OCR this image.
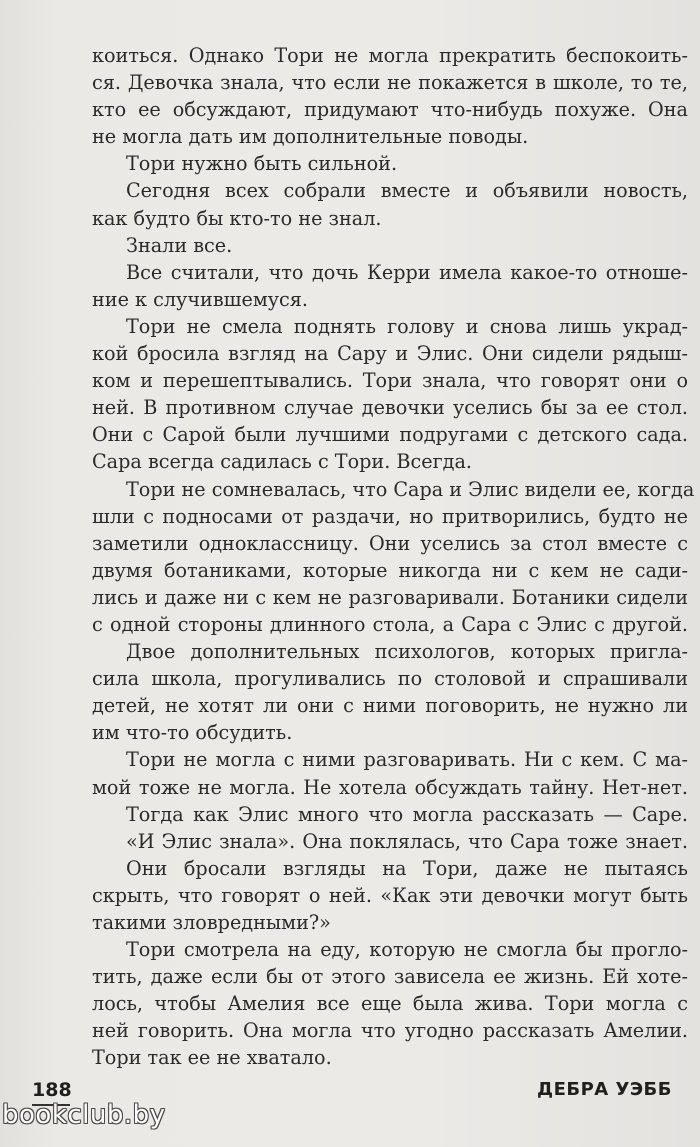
коиться. Однако Тори не могла прекратить беспокоить-
ся. Девочка знала, что если не покажется в школе, то те,
кто ее обсуждают, придумают что-нибудь похуже. Она
не могла дать им дополнительные поводы.
Тори нужно быть сильной.
Сегодня всех собрали вместе и объявили новость,
как будто бы кто-то не знал.
Знали все.
Все считали, что дочь Керри имела какое-то отноше-
ние к случившемуся.
Тори не смела поднять голову и снова лишь украд-
кой бросила взгляд на Сару и Элис. Они сидели рядыш-
ком и перешептывались. Тори знала, что говорят они о
ней. В противном случае девочки уселись бы за ее стол.
Они с Сарой были лучшими подругами с детского сада.
Сара всегда садилась с Тори. Всегда.
Тори не сомневалась, что Сара и Элис видели ее, когда
шли с подносами от раздачи, но притворились, будто не
заметили одноклассницу. Они уселись за стол вместе с
двумя ботаниками, которые никогда ни с кем не сади-
лись и даже ни с кем не разговаривали. Ботаники сидели
с одной стороны длинного стола, а Сара с Элис с другой.
Двое дополнительных психологов, которых пригла-
сила школа, прогуливались по столовой и спрашивали
детей, не хотят ли они с ними поговорить, не нужно ли
им что-то обсудить.
Тори не могла с ними разговаривать. Ни с кем. С ма-
мой тоже не могла. Не хотела обсуждать тайну. Нет-нет.
Тогда как Элис много что могла рассказать — Саре.
«И Элис знала». Она поклялась, что Сара тоже знает.
Они бросали взгляды на Тори, даже не пытаясь
скрыть, что говорят о ней. «Как эти девочки могут быть
такими зловредными?»
Тори смотрела на еду, которую не смогла бы прогло-
тить, даже если бы от этого зависела ее жизнь. Ей хоте-
лось, чтобы Амелия все еще была жива. Тори могла с
ней говорить. Она могла что угодно рассказать Амелии.
Тори так ее не хватало.
188	ДЕБРА УЭББ
bookclub.by
